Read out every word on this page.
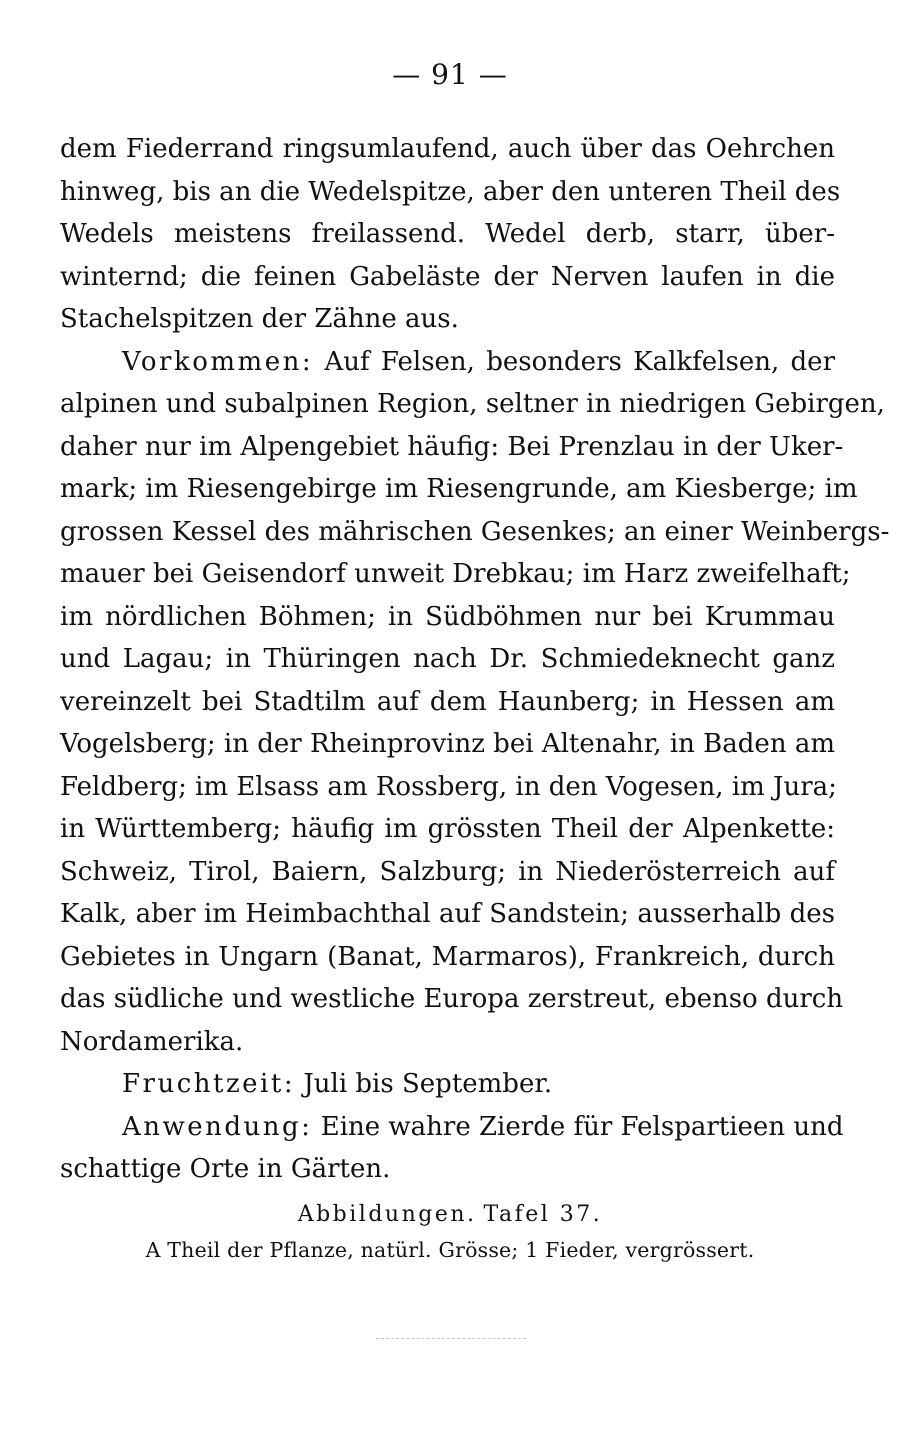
— 91 —
dem Fiederrand ringsumlaufend, auch über das Oehrchen
hinweg, bis an die Wedelspitze, aber den unteren Theil des
Wedels meistens freilassend. Wedel derb, starr, über-
winternd; die feinen Gabeläste der Nerven laufen in die
Stachelspitzen der Zähne aus.
Vorkommen: Auf Felsen, besonders Kalkfelsen, der
alpinen und subalpinen Region, seltner in niedrigen Gebirgen,
daher nur im Alpengebiet häufig: Bei Prenzlau in der Uker-
mark; im Riesengebirge im Riesengrunde, am Kiesberge; im
grossen Kessel des mährischen Gesenkes; an einer Weinbergs-
mauer bei Geisendorf unweit Drebkau; im Harz zweifelhaft;
im nördlichen Böhmen; in Südböhmen nur bei Krummau
und Lagau; in Thüringen nach Dr. Schmiedeknecht ganz
vereinzelt bei Stadtilm auf dem Haunberg; in Hessen am
Vogelsberg; in der Rheinprovinz bei Altenahr, in Baden am
Feldberg; im Elsass am Rossberg, in den Vogesen, im Jura;
in Württemberg; häufig im grössten Theil der Alpenkette:
Schweiz, Tirol, Baiern, Salzburg; in Niederösterreich auf
Kalk, aber im Heimbachthal auf Sandstein; ausserhalb des
Gebietes in Ungarn (Banat, Marmaros), Frankreich, durch
das südliche und westliche Europa zerstreut, ebenso durch
Nordamerika.
Fruchtzeit: Juli bis September.
Anwendung: Eine wahre Zierde für Felspartieen und
schattige Orte in Gärten.
Abbildungen. Tafel 37.
A Theil der Pflanze, natürl. Grösse; 1 Fieder, vergrössert.
